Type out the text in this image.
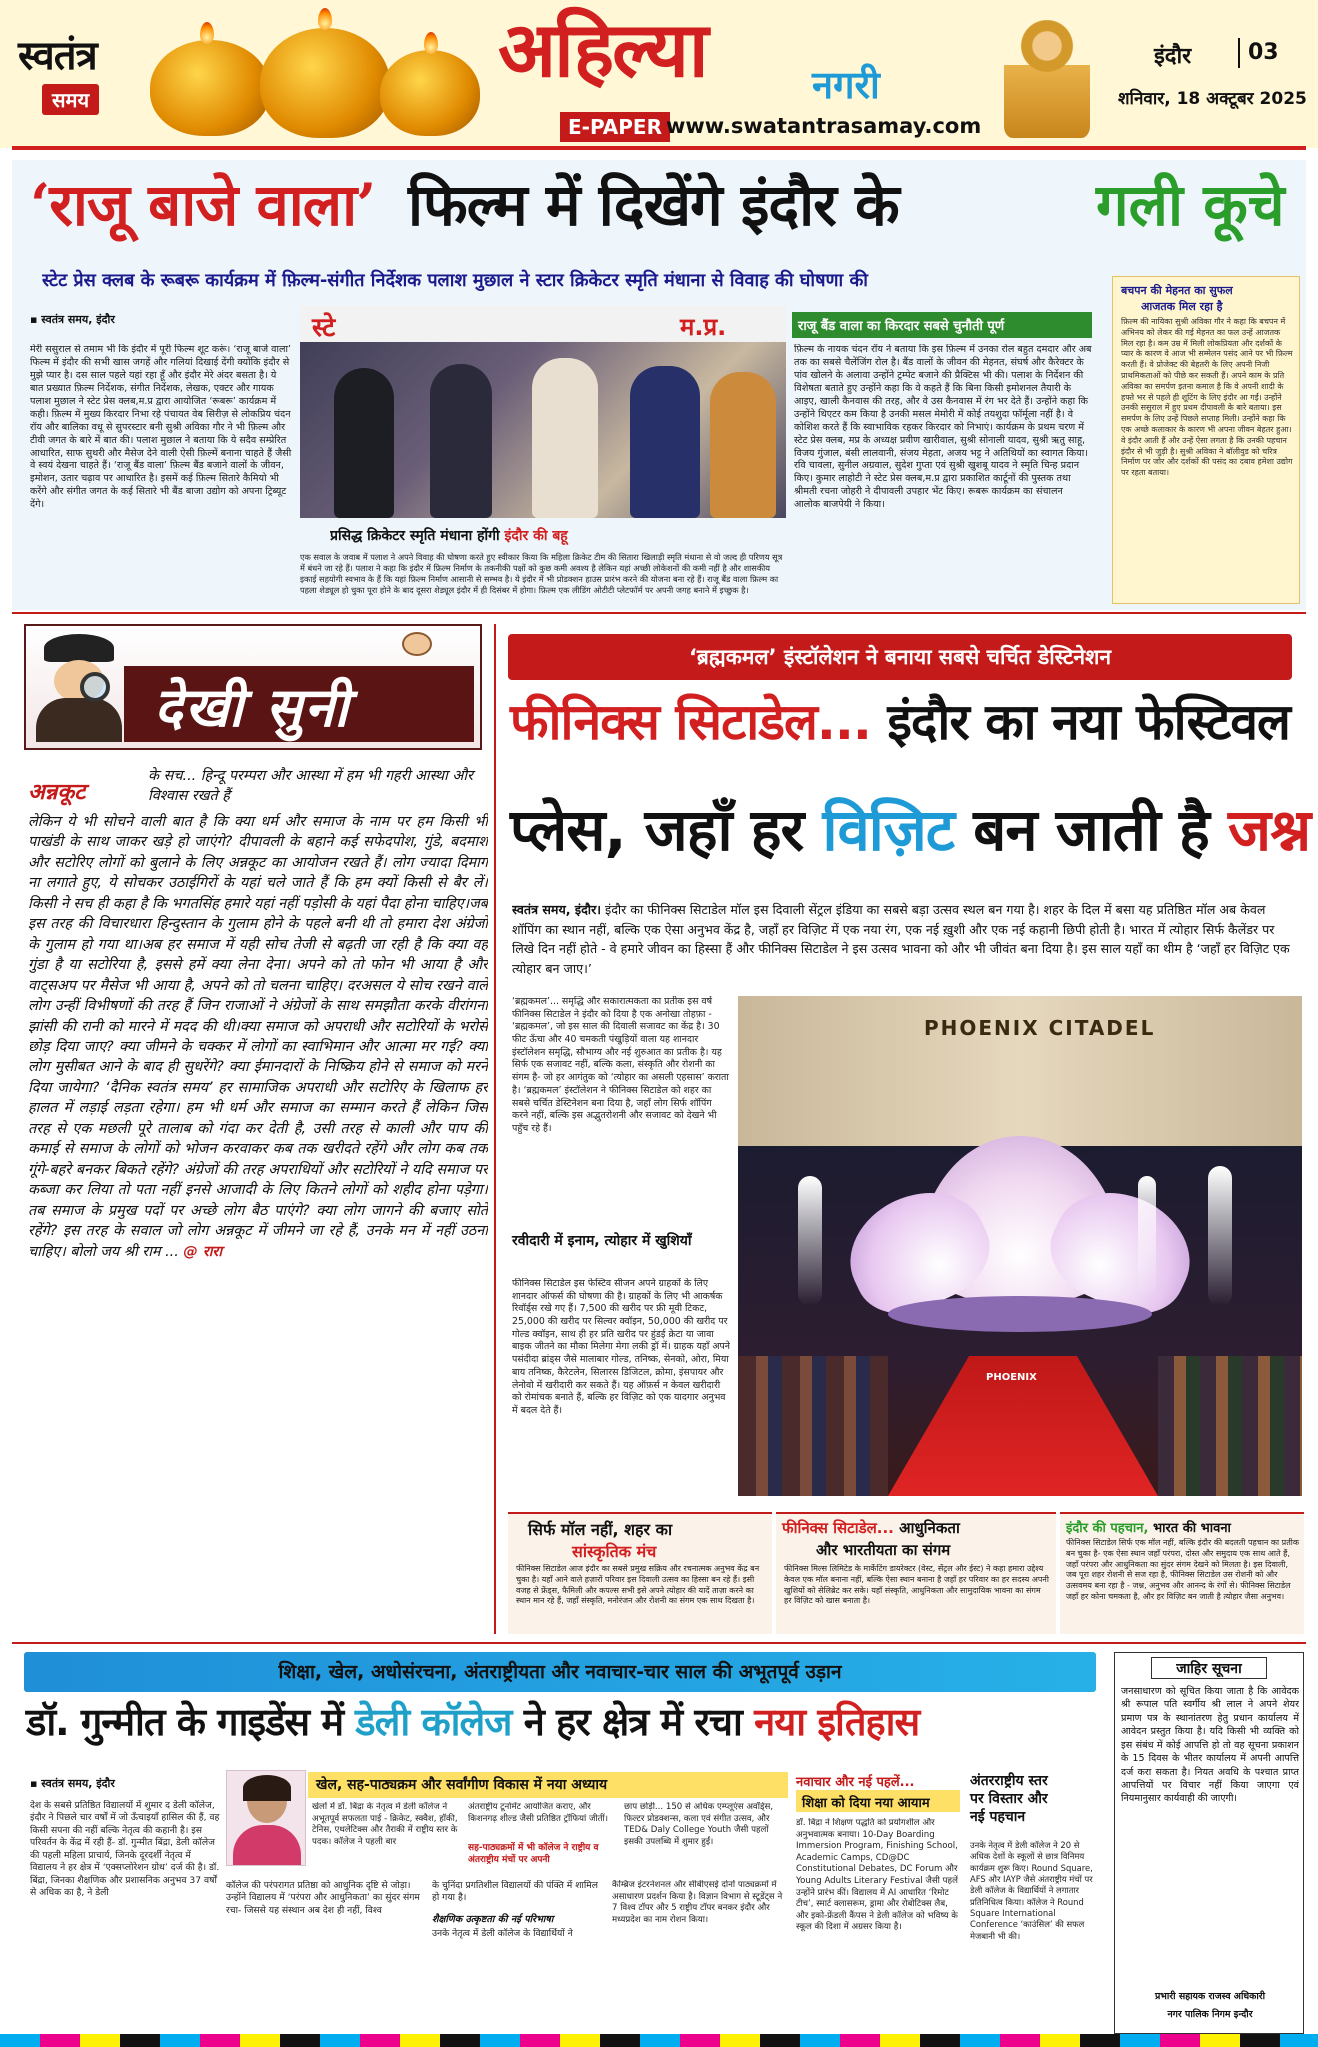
स्वतंत्र
समय
अहिल्या	नगरी
E-PAPER www.swatantrasamay.com
इंदौर	03
शनिवार, 18 अक्टूबर 2025
‘राजू बाजे वाला’ फिल्म में दिखेंगे इंदौर के	गली कूचे
स्टेट प्रेस क्लब के रूबरू कार्यक्रम में फ़िल्म-संगीत निर्देशक पलाश मुछाल ने स्टार क्रिकेटर स्मृति मंधाना से विवाह की घोषणा की
▪ स्वतंत्र समय, इंदौर
मेरी ससुराल से तमाम भी कि इंदौर में पूरी फिल्म शूट करूं। ‘राजू बाजे वाला’ फिल्म में इंदौर की सभी खास जगहें और गलियां दिखाई देंगी क्योंकि इंदौर से मुझे प्यार है। दस साल पहले यहां रहा हूँ और इंदौर मेरे अंदर बसता है। ये बात प्रख्यात फ़िल्म निर्देशक, संगीत निर्देशक, लेखक, एक्टर और गायक पलाश मुछाल ने स्टेट प्रेस क्लब,म.प्र द्वारा आयोजित ‘रूबरू’ कार्यक्रम में कही। फ़िल्म में मुख्य किरदार निभा रहे पंचायत वेब सिरीज़ से लोकप्रिय चंदन रॉय और बालिका वधू से सुपरस्टार बनी सुश्री अविका गौर ने भी फ़िल्म और टीवी जगत के बारे में बात की। पलाश मुछाल ने बताया कि ये सदैव सम्प्रेरित आधारित, साफ सुथरी और मैसेज देने वाली ऐसी फ़िल्में बनाना चाहते हैं जैसी वे स्वयं देखना चाहते हैं। ‘राजू बैंड वाला’ फ़िल्म बैंड बजाने वालों के जीवन, इमोशन, उतार चढ़ाव पर आधारित है। इसमें कई फ़िल्म सितारे कैमियो भी करेंगे और संगीत जगत के कई सितारे भी बैंड बाजा उद्योग को अपना ट्रिब्यूट देंगे।
स्टे	म.प्र.
प्रसिद्ध क्रिकेटर स्मृति मंधाना होंगी इंदौर की बहू
एक सवाल के जवाब में पलाश ने अपने विवाह की घोषणा करते हुए स्वीकार किया कि महिला क्रिकेट टीम की सितारा खिलाड़ी स्मृति मंधाना से वो जल्द ही परिणय सूत्र में बंधने जा रहे हैं। पलाश ने कहा कि इंदौर में फ़िल्म निर्माण के तकनीकी पक्षों को कुछ कमी अवश्य है लेकिन यहां अच्छी लोकेशनों की कमी नहीं है और शासकीय इकाई सहयोगी स्वभाव के हैं कि यहां फ़िल्म निर्माण आसानी से सम्भव है। ये इंदौर में भी प्रोडक्शन हाउस प्रारंभ करने की योजना बना रहे हैं। राजू बैंड वाला फ़िल्म का पहला शेड्यूल हो चुका पूरा होने के बाद दूसरा शेड्यूल इंदौर में ही दिसंबर में होगा। फ़िल्म एक लीडिंग ओटीटी प्लेटफॉर्म पर अपनी जगह बनाने में इच्छुक है।
राजू बैंड वाला का किरदार सबसे चुनौती पूर्ण
फ़िल्म के नायक चंदन रॉय ने बताया कि इस फ़िल्म में उनका रोल बहुत दमदार और अब तक का सबसे चैलेंजिंग रोल है। बैंड वालों के जीवन की मेहनत, संघर्ष और कैरेक्टर के पांव खोलने के अलावा उन्होंने ट्रम्पेट बजाने की प्रैक्टिस भी की। पलाश के निर्देशन की विशेषता बताते हुए उन्होंने कहा कि वे कहते हैं कि बिना किसी इमोशनल तैयारी के आइए, खाली कैनवास की तरह, और वे उस कैनवास में रंग भर देते हैं। उन्होंने कहा कि उन्होंने थिएटर कम किया है उनकी मसल मेमोरी में कोई तयशुदा फॉर्मूला नहीं है। वे कोशिश करते हैं कि स्वाभाविक रहकर किरदार को निभाएं। कार्यक्रम के प्रथम चरण में स्टेट प्रेस क्लब, मप्र के अध्यक्ष प्रवीण खारीवाल, सुश्री सोनाली यादव, सुश्री ऋतु साहू, विजय गुंजाल, बंसी लालवानी, संजय मेहता, अजय भट्ट ने अतिथियों का स्वागत किया। रवि चावला, सुनील अग्रवाल, सुदेश गुप्ता एवं सुश्री खुशबू यादव ने स्मृति चिन्ह प्रदान किए। कुमार लाहोटी ने स्टेट प्रेस क्लब,म.प्र द्वारा प्रकाशित कार्टूनों की पुस्तक तथा श्रीमती रचना जोहरी ने दीपावली उपहार भेंट किए। रूबरू कार्यक्रम का संचालन आलोक बाजपेयी ने किया।
बचपन की मेहनत का सुफल
आजतक मिल रहा है
फ़िल्म की नायिका सुश्री अविका गौर ने कहा कि बचपन में अभिनय को लेकर की गई मेहनत का फल उन्हें आजतक मिल रहा है। कम उम्र में मिली लोकप्रियता और दर्शकों के प्यार के कारण वे आज भी सम्मेलन पसंद आने पर भी फ़िल्म करती हैं। वे प्रोजेक्ट की बेहतरी के लिए अपनी निजी प्राथमिकताओं को पीछे कर सकती हैं। अपने काम के प्रति अविका का समर्पण इतना कमाल है कि वे अपनी शादी के हफ्ते भर से पहले ही शूटिंग के लिए इंदौर आ गईं। उन्होंने उनकी ससुराल में हुए प्रथम दीपावली के बारे बताया। इस समर्पण के लिए उन्हें पिछले सप्ताह मिली। उन्होंने कहा कि एक अच्छे कलाकार के कारण भी अपना जीवन बेहतर हुआ। वे इंदौर आती हैं और उन्हें ऐसा लगता है कि उनकी पहचान इंदौर से भी जुड़ी है। सुश्री अविका ने बॉलीवुड को चरित्र निर्माण पर जोर और दर्शकों की पसंद का दबाव हमेशा उद्योग पर रहता बताया।
देखी सुनी
अन्नकूट
के सच... हिन्दू परम्परा और आस्था में हम भी गहरी आस्था और विश्वास रखते हैं
लेकिन ये भी सोचने वाली बात है कि क्या धर्म और समाज के नाम पर हम किसी भी पाखंडी के साथ जाकर खड़े हो जाएंगे? दीपावली के बहाने कई सफेदपोश, गुंडे, बदमाश और सटोरिए लोगों को बुलाने के लिए अन्नकूट का आयोजन रखते हैं। लोग ज्यादा दिमाग ना लगाते हुए, ये सोचकर उठाईगिरों के यहां चले जाते हैं कि हम क्यों किसी से बैर लें। किसी ने सच ही कहा है कि भगतसिंह हमारे यहां नहीं पड़ोसी के यहां पैदा होना चाहिए।जब इस तरह की विचारधारा हिन्दुस्तान के गुलाम होने के पहले बनी थी तो हमारा देश अंग्रेजों के गुलाम हो गया था।अब हर समाज में यही सोच तेजी से बढ़ती जा रही है कि क्या वह गुंडा है या सटोरिया है, इससे हमें क्या लेना देना। अपने को तो फोन भी आया है और वाट्सअप पर मैसेज भी आया है, अपने को तो चलना चाहिए। दरअसल ये सोच रखने वाले लोग उन्हीं विभीषणों की तरह हैं जिन राजाओं ने अंग्रेजों के साथ समझौता करके वीरांगना झांसी की रानी को मारने में मदद की थी।क्या समाज को अपराधी और सटोरियों के भरोसे छोड़ दिया जाए? क्या जीमने के चक्कर में लोगों का स्वाभिमान और आत्मा मर गई? क्या लोग मुसीबत आने के बाद ही सुधरेंगे? क्या ईमानदारों के निष्क्रिय होने से समाज को मरने दिया जायेगा? ‘दैनिक स्वतंत्र समय’ हर सामाजिक अपराधी और सटोरिए के खिलाफ हर हालत में लड़ाई लड़ता रहेगा। हम भी धर्म और समाज का सम्मान करते हैं लेकिन जिस तरह से एक मछली पूरे तालाब को गंदा कर देती है, उसी तरह से काली और पाप की कमाई से समाज के लोगों को भोजन करवाकर कब तक खरीदते रहेंगे और लोग कब तक गूंगे-बहरे बनकर बिकते रहेंगे? अंग्रेजों की तरह अपराधियों और सटोरियों ने यदि समाज पर कब्जा कर लिया तो पता नहीं इनसे आजादी के लिए कितने लोगों को शहीद होना पड़ेगा।तब समाज के प्रमुख पदों पर अच्छे लोग बैठ पाएंगे? क्या लोग जागने की बजाए सोते रहेंगे? इस तरह के सवाल जो लोग अन्नकूट में जीमने जा रहे हैं, उनके मन में नहीं उठना चाहिए। बोलो जय श्री राम ... @ रारा
‘ब्रह्मकमल’ इंस्टॉलेशन ने बनाया सबसे चर्चित डेस्टिनेशन
फीनिक्स सिटाडेल... इंदौर का नया फेस्टिवल
प्लेस, जहाँ हर विज़िट बन जाती है जश्न
स्वतंत्र समय, इंदौर। इंदौर का फीनिक्स सिटाडेल मॉल इस दिवाली सेंट्रल इंडिया का सबसे बड़ा उत्सव स्थल बन गया है। शहर के दिल में बसा यह प्रतिष्ठित मॉल अब केवल शॉपिंग का स्थान नहीं, बल्कि एक ऐसा अनुभव केंद्र है, जहाँ हर विज़िट में एक नया रंग, एक नई ख़ुशी और एक नई कहानी छिपी होती है। भारत में त्योहार सिर्फ कैलेंडर पर लिखे दिन नहीं होते - वे हमारे जीवन का हिस्सा हैं और फीनिक्स सिटाडेल ने इस उत्सव भावना को और भी जीवंत बना दिया है। इस साल यहाँ का थीम है ‘जहाँ हर विज़िट एक त्योहार बन जाए।’
‘ब्रह्मकमल’... समृद्धि और सकारात्मकता का प्रतीक इस वर्ष फीनिक्स सिटाडेल ने इंदौर को दिया है एक अनोखा तोहफ़ा - ‘ब्रह्मकमल’, जो इस साल की दिवाली सजावट का केंद्र है। 30 फीट ऊँचा और 40 चमकती पंखुड़ियों वाला यह शानदार इंस्टॉलेशन समृद्धि, सौभाग्य और नई शुरुआत का प्रतीक है। यह सिर्फ एक सजावट नहीं, बल्कि कला, संस्कृति और रोशनी का संगम है- जो हर आगंतुक को ‘त्योहार का असली एहसास’ कराता है। ‘ब्रह्मकमल’ इंस्टॉलेशन ने फीनिक्स सिटाडेल को शहर का सबसे चर्चित डेस्टिनेशन बना दिया है, जहाँ लोग सिर्फ शॉपिंग करने नहीं, बल्कि इस अद्भुतरोशनी और सजावट को देखने भी पहुँच रहे हैं।
रवीदारी में इनाम, त्योहार में खुशियाँ
फीनिक्स सिटाडेल इस फेस्टिव सीजन अपने ग्राहकों के लिए शानदार ऑफर्स की घोषणा की है। ग्राहकों के लिए भी आकर्षक रिवॉर्ड्स रखे गए हैं। 7,500 की खरीद पर फ्री मूवी टिकट, 25,000 की खरीद पर सिल्वर क्वॉइन, 50,000 की खरीद पर गोल्ड क्वॉइन, साथ ही हर प्रति खरीद पर हुंडई क्रेटा या जावा बाइक जीतने का मौका मिलेगा मेगा लकी ड्रॉ में। ग्राहक यहाँ अपने पसंदीदा ब्रांड्स जैसे मालाबार गोल्ड, तनिष्क, सेनको, ओरा, मिया बाय तनिष्क, कैरेटलेन, सिलारस डिजिटल, क्रोमा, इंसपायर और लेनोवो में खरीदारी कर सकते हैं। यह ऑफ़र्स न केवल खरीदारी को रोमांचक बनाते हैं, बल्कि हर विज़िट को एक यादगार अनुभव में बदल देते हैं।
PHOENIX CITADEL
PHOENIX
सिर्फ मॉल नहीं, शहर का
सांस्कृतिक मंच
फीनिक्स सिटाडेल आज इंदौर का सबसे प्रमुख सक्रिय और रचनात्मक अनुभव केंद्र बन चुका है। यहाँ आने वाले हज़ारों परिवार इस दिवाली उत्सव का हिस्सा बन रहे हैं। इसी वजह से फ्रेंड्स, फैमिली और कपल्स सभी इसे अपने त्योहार की यादें ताज़ा करने का स्थान मान रहे हैं, जहाँ संस्कृति, मनोरंजन और रोशनी का संगम एक साथ दिखता है।
फीनिक्स सिटाडेल... आधुनिकता
और भारतीयता का संगम
फीनिक्स मिल्स लिमिटेड के मार्केटिंग डायरेक्टर (वेस्ट, सेंट्रल और ईस्ट) ने कहा हमारा उद्देश्य केवल एक मॉल बनाना नहीं, बल्कि ऐसा स्थान बनाना है जहाँ हर परिवार का हर सदस्य अपनी खुशियों को सेलिब्रेट कर सके। यहाँ संस्कृति, आधुनिकता और सामुदायिक भावना का संगम हर विज़िट को खास बनाता है।
इंदौर की पहचान, भारत की भावना
फीनिक्स सिटाडेल सिर्फ एक मॉल नहीं, बल्कि इंदौर की बदलती पहचान का प्रतीक बन चुका है- एक ऐसा स्थान जहाँ परंपरा, दोस्त और समुदाय एक साथ आते हैं, जहाँ परंपरा और आधुनिकता का सुंदर संगम देखने को मिलता है। इस दिवाली, जब पूरा शहर रोशनी से सज रहा है, फीनिक्स सिटाडेल उस रोशनी को और उत्सवमय बना रहा है - जश्न, अनुभव और आनन्द के रंगों से। फीनिक्स सिटाडेल जहाँ हर कोना चमकता है, और हर विज़िट बन जाती है त्योहार जैसा अनुभव।
शिक्षा, खेल, अधोसंरचना, अंतराष्ट्रीयता और नवाचार-चार साल की अभूतपूर्व उड़ान
डॉ. गुन्मीत के गाइडेंस में डेली कॉलेज ने हर क्षेत्र में रचा नया इतिहास
▪ स्वतंत्र समय, इंदौर
देश के सबसे प्रतिष्ठित विद्यालयों में शुमार द डेली कॉलेज, इंदौर ने पिछले चार वर्षों में जो ऊँचाइयाँ हासिल की हैं, वह किसी सपना की नहीं बल्कि नेतृत्व की कहानी है। इस परिवर्तन के केंद्र में रही हैं- डॉ. गुन्मीत बिंद्रा, डेली कॉलेज की पहली महिला प्राचार्य, जिनके दूरदर्शी नेतृत्व में विद्यालय ने हर क्षेत्र में ‘एक्सप्लोरेशन ग्रोथ’ दर्ज की है। डॉ. बिंद्रा, जिनका शैक्षणिक और प्रशासनिक अनुभव 37 वर्षों से अधिक का है, ने डेली
खेल, सह-पाठ्यक्रम और सर्वांगीण विकास में नया अध्याय
खेलों में डॉ. बिंद्रा के नेतृत्व में डेली कॉलेज ने अभूतपूर्व सफलता पाई - क्रिकेट, स्क्वैश, हॉकी, टेनिस, एथलेटिक्स और तैराकी में राष्ट्रीय स्तर के पदक। कॉलेज ने पहली बार
अंतराष्ट्रीय टूर्नामेंट आयोजित कराए, और किशनगढ़ शील्ड जैसी प्रतिष्ठित ट्रॉफियां जीतीं।
सह-पाठ्यक्रमों में भी कॉलेज ने राष्ट्रीय व अंतराष्ट्रीय मंचों पर अपनी
छाप छोड़ी... 150 से अधिक एम्प्लूएंस अवॉर्ड्स, फिल्टर प्रोडक्शन्स, कला एवं संगीत उत्सव, और TED& Daly College Youth जैसी पहलों इसकी उपलब्धि में शुमार हुईं।
कॉलेज की परंपरागत प्रतिष्ठा को आधुनिक दृष्टि से जोड़ा। उन्होंने विद्यालय में ‘परंपरा और आधुनिकता’ का सुंदर संगम रचा- जिससे यह संस्थान अब देश ही नहीं, विश्व
के चुनिंदा प्रगतिशील विद्यालयों की पंक्ति में शामिल हो गया है।
शैक्षणिक उत्कृष्टता की नई परिभाषा
उनके नेतृत्व में डेली कॉलेज के विद्यार्थियों ने
कैम्ब्रिज इंटरनेशनल और सीबीएसई दोनों पाठ्यक्रमों में असाधारण प्रदर्शन किया है। विज्ञान विभाग से स्टूडेंट्स ने 7 विश्व टॉपर और 5 राष्ट्रीय टॉपर बनकर इंदौर और मध्यप्रदेश का नाम रोशन किया।
नवाचार और नई पहलें...
शिक्षा को दिया नया आयाम
डॉ. बिंद्रा ने शिक्षण पद्धति को प्रयोगशील और अनुभवात्मक बनाया। 10-Day Boarding Immersion Program, Finishing School, Academic Camps, CD@DC Constitutional Debates, DC Forum और Young Adults Literary Festival जैसी पहलें उन्होंने प्रारंभ कीं। विद्यालय में AI आधारित ‘रिमोट टीच’, स्मार्ट क्लासरूम, ड्रामा और रोबोटिक्स लैब, और इको-फ्रेंडली कैंपस ने डेली कॉलेज को भविष्य के स्कूल की दिशा में अग्रसर किया है।
अंतरराष्ट्रीय स्तर
पर विस्तार और
नई पहचान
उनके नेतृत्व में डेली कॉलेज ने 20 से अधिक देशों के स्कूलों से छात्र विनिमय कार्यक्रम शुरू किए। Round Square, AFS और IAYP जैसे अंतराष्ट्रीय मंचों पर डेली कॉलेज के विद्यार्थियों ने लगातार प्रतिनिधित्व किया। कॉलेज ने Round Square International Conference ‘काउंसिल’ की सफल मेजबानी भी की।
जाहिर सूचना
जनसाधारण को सूचित किया जाता है कि आवेदक श्री रूपाल पति स्वर्गीय श्री लाल ने अपने शेयर प्रमाण पत्र के स्थानांतरण हेतु प्रधान कार्यालय में आवेदन प्रस्तुत किया है। यदि किसी भी व्यक्ति को इस संबंध में कोई आपत्ति हो तो वह सूचना प्रकाशन के 15 दिवस के भीतर कार्यालय में अपनी आपत्ति दर्ज करा सकता है। नियत अवधि के पश्चात प्राप्त आपत्तियों पर विचार नहीं किया जाएगा एवं नियमानुसार कार्यवाही की जाएगी।
प्रभारी सहायक राजस्व अधिकारी
नगर पालिक निगम इन्दौर
